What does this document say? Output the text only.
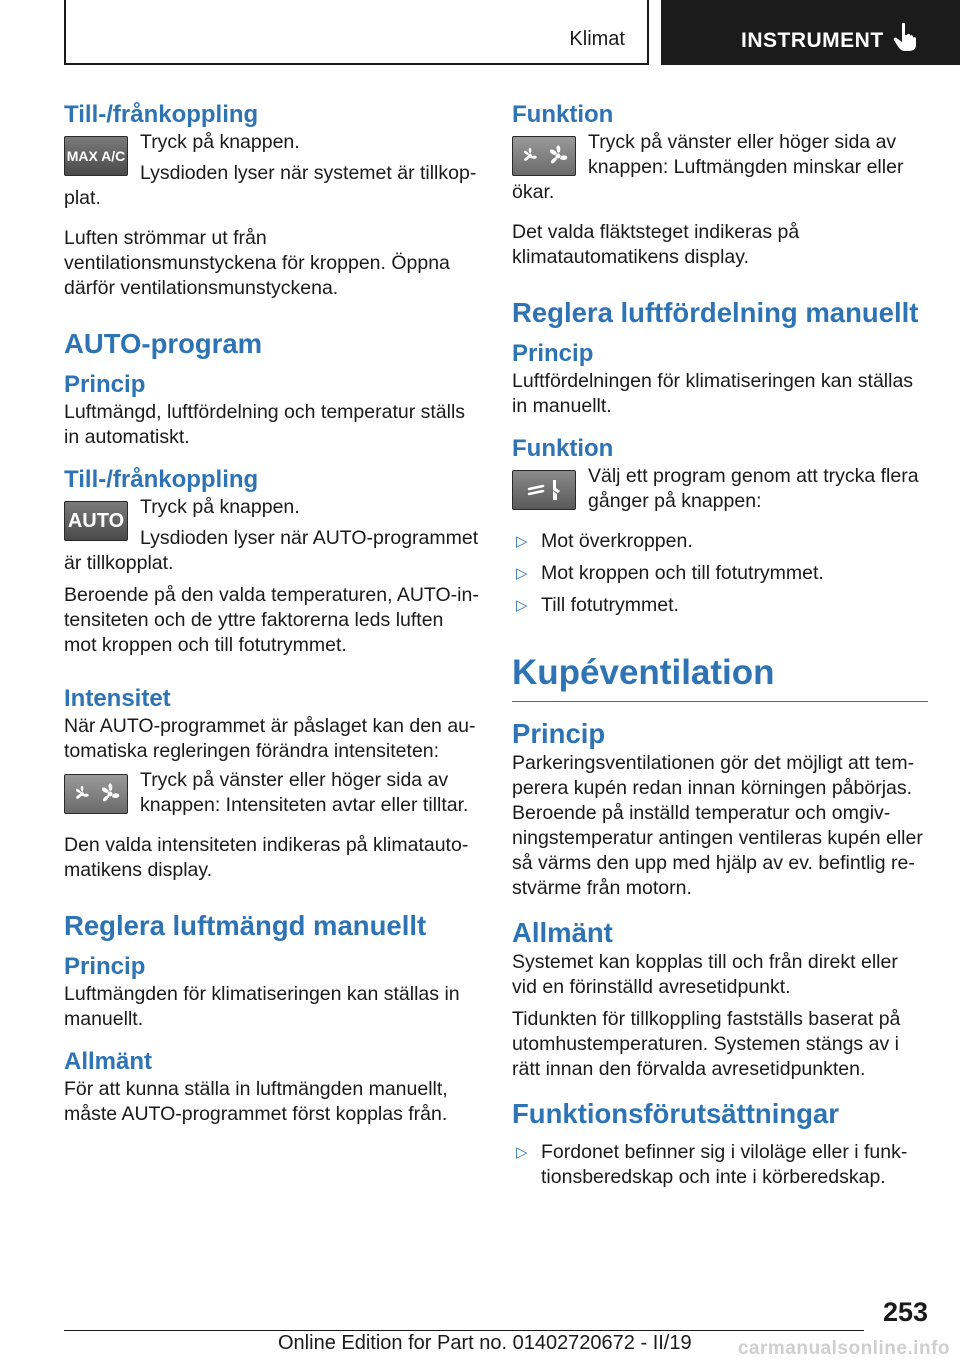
Klimat	INSTRUMENT
Till-/frånkoppling
MAX A/C

Tryck på knappen.

Lysdioden lyser när systemet är tillkopplat.

Luften strömmar ut från ventilationsmunstyckena för kroppen. Öppna därför ventilationsmunstyckena.

AUTO-program
Princip

Luftmängd, luftfördelning och temperatur ställs in automatiskt.

Till-/frånkoppling
AUTO

Tryck på knappen.

Lysdioden lyser när AUTO-programmet är tillkopplat.

Beroende på den valda temperaturen, AUTO-intensiteten och de yttre faktorerna leds luften mot kroppen och till fotutrymmet.

Intensitet

När AUTO-programmet är påslaget kan den automatiska regleringen förändra intensiteten:

Tryck på vänster eller höger sida av knappen: Intensiteten avtar eller tilltar.

Den valda intensiteten indikeras på klimatautomatikens display.

Reglera luftmängd manuellt
Princip

Luftmängden för klimatiseringen kan ställas in manuellt.

Allmänt

För att kunna ställa in luftmängden manuellt, måste AUTO-programmet först kopplas från.

Funktion

Tryck på vänster eller höger sida av knappen: Luftmängden minskar eller ökar.

Det valda fläktsteget indikeras på klimatautomatikens display.

Reglera luftfördelning manuellt
Princip

Luftfördelningen för klimatiseringen kan ställas in manuellt.

Funktion

Välj ett program genom att trycka flera gånger på knappen:

▷ Mot överkroppen.
▷ Mot kroppen och till fotutrymmet.
▷ Till fotutrymmet.
Kupéventilation
Princip

Parkeringsventilationen gör det möjligt att temperera kupén redan innan körningen påbörjas. Beroende på inställd temperatur och omgivningstemperatur antingen ventileras kupén eller så värms den upp med hjälp av ev. befintlig restvärme från motorn.

Allmänt

Systemet kan kopplas till och från direkt eller vid en förinställd avresetidpunkt.

Tidunkten för tillkoppling fastställs baserat på utomhustemperaturen. Systemen stängs av i rätt innan den förvalda avresetidpunkten.

Funktionsförutsättningar
▷ Fordonet befinner sig i viloläge eller i funktionsberedskap och inte i körberedskap.
253
Online Edition for Part no. 01402720672 - II/19 carmanualsonline.info
